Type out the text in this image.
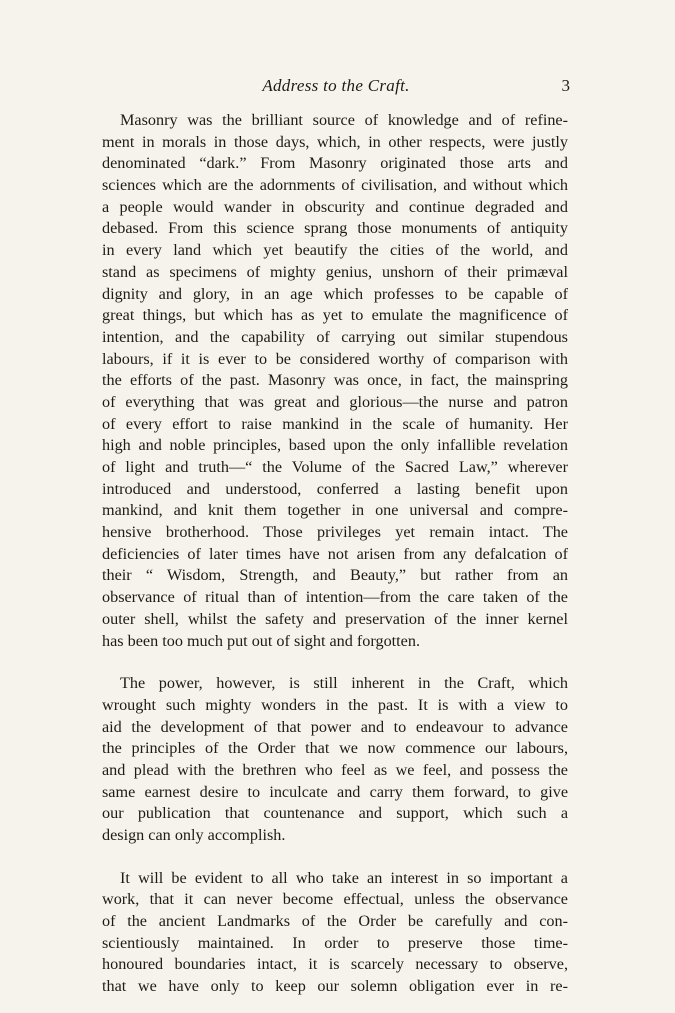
Address to the Craft.	3

Masonry was the brilliant source of knowledge and of refine-
ment in morals in those days, which, in other respects, were justly
denominated “dark.” From Masonry originated those arts and
sciences which are the adornments of civilisation, and without which
a people would wander in obscurity and continue degraded and
debased. From this science sprang those monuments of antiquity
in every land which yet beautify the cities of the world, and
stand as specimens of mighty genius, unshorn of their primæval
dignity and glory, in an age which professes to be capable of
great things, but which has as yet to emulate the magnificence of
intention, and the capability of carrying out similar stupendous
labours, if it is ever to be considered worthy of comparison with
the efforts of the past. Masonry was once, in fact, the mainspring
of everything that was great and glorious—the nurse and patron
of every effort to raise mankind in the scale of humanity. Her
high and noble principles, based upon the only infallible revelation
of light and truth—“ the Volume of the Sacred Law,” wherever
introduced and understood, conferred a lasting benefit upon
mankind, and knit them together in one universal and compre-
hensive brotherhood. Those privileges yet remain intact. The
deficiencies of later times have not arisen from any defalcation of
their “ Wisdom, Strength, and Beauty,” but rather from an
observance of ritual than of intention—from the care taken of the
outer shell, whilst the safety and preservation of the inner kernel
has been too much put out of sight and forgotten.

The power, however, is still inherent in the Craft, which
wrought such mighty wonders in the past. It is with a view to
aid the development of that power and to endeavour to advance
the principles of the Order that we now commence our labours,
and plead with the brethren who feel as we feel, and possess the
same earnest desire to inculcate and carry them forward, to give
our publication that countenance and support, which such a
design can only accomplish.

It will be evident to all who take an interest in so important a
work, that it can never become effectual, unless the observance
of the ancient Landmarks of the Order be carefully and con-
scientiously maintained. In order to preserve those time-
honoured boundaries intact, it is scarcely necessary to observe,
that we have only to keep our solemn obligation ever in re-
